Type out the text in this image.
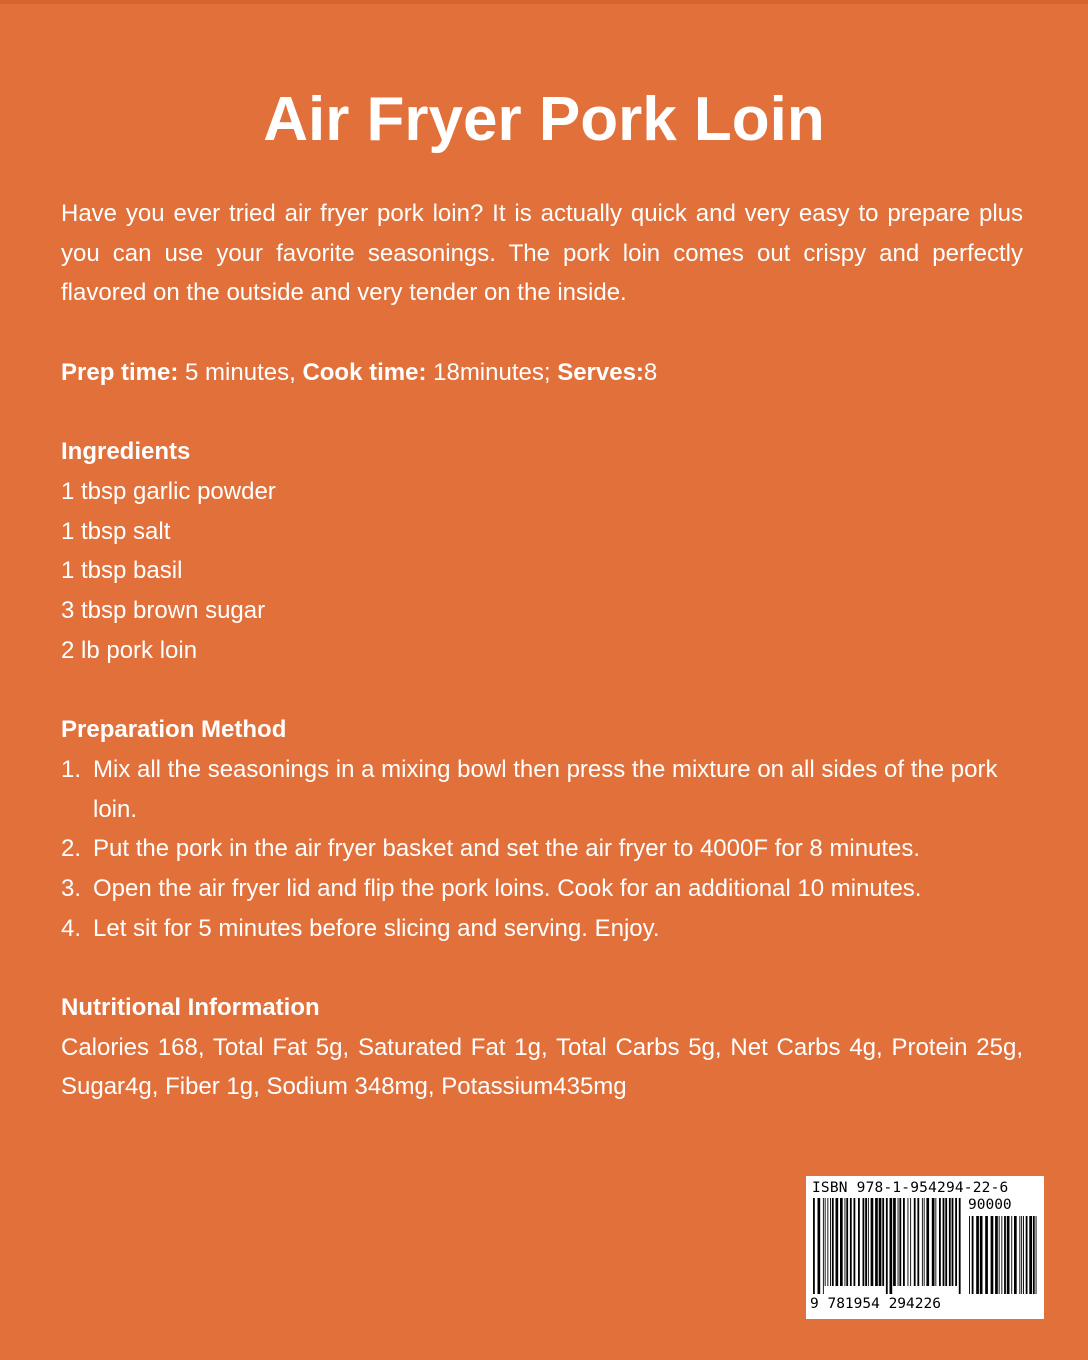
Air Fryer Pork Loin

Have you ever tried air fryer pork loin? It is actually quick and very easy to prepare plus you can use your favorite seasonings. The pork loin comes out crispy and perfectly flavored on the outside and very tender on the inside.

Prep time: 5 minutes, Cook time: 18minutes; Serves:8

Ingredients

1 tbsp garlic powder

1 tbsp salt

1 tbsp basil

3 tbsp brown sugar

2 lb pork loin

Preparation Method

1. Mix all the seasonings in a mixing bowl then press the mixture on all sides of the pork loin.
2. Put the pork in the air fryer basket and set the air fryer to 4000F for 8 minutes.
3. Open the air fryer lid and flip the pork loins. Cook for an additional 10 minutes.
4. Let sit for 5 minutes before slicing and serving. Enjoy.

Nutritional Information

Calories 168, Total Fat 5g, Saturated Fat 1g, Total Carbs 5g, Net Carbs 4g, Protein 25g, Sugar4g, Fiber 1g, Sodium 348mg, Potassium435mg

ISBN 978-1-954294-22-6
90000
9 781954 294226
